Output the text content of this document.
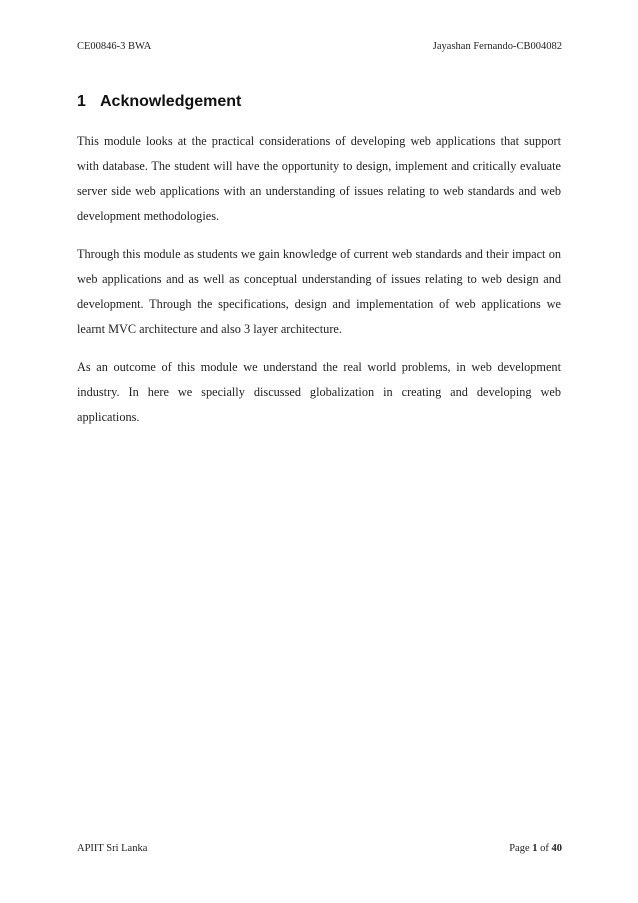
CE00846-3 BWA	Jayashan Fernando-CB004082
1 Acknowledgement

This module looks at the practical considerations of developing web applications that support with database. The student will have the opportunity to design, implement and critically evaluate server side web applications with an understanding of issues relating to web standards and web development methodologies.

Through this module as students we gain knowledge of current web standards and their impact on web applications and as well as conceptual understanding of issues relating to web design and development. Through the specifications, design and implementation of web applications we learnt MVC architecture and also 3 layer architecture.

As an outcome of this module we understand the real world problems, in web development industry. In here we specially discussed globalization in creating and developing web applications.

APIIT Sri Lanka	Page 1 of 40
